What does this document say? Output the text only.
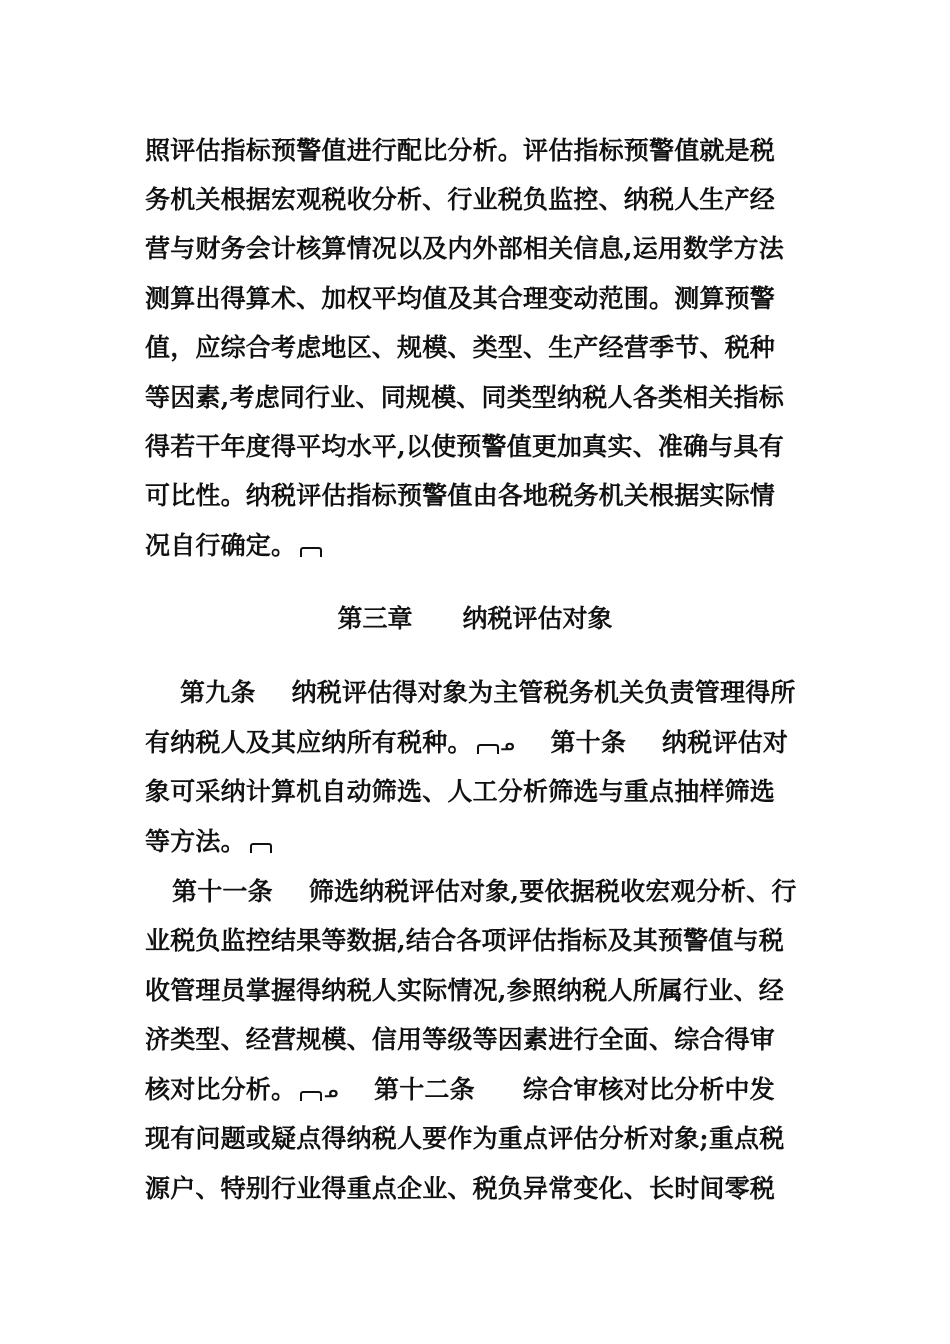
照评估指标预警值进行配比分析。评估指标预警值就是税
务机关根据宏观税收分析、行业税负监控、纳税人生产经
营与财务会计核算情况以及内外部相关信息,运用数学方法
测算出得算术、加权平均值及其合理变动范围。测算预警
值，应综合考虑地区、规模、类型、生产经营季节、税种
等因素,考虑同行业、同规模、同类型纳税人各类相关指标
得若干年度得平均水平,以使预警值更加真实、准确与具有
可比性。纳税评估指标预警值由各地税务机关根据实际情
况自行确定。
第三章　　纳税评估对象
第九条 纳税评估得对象为主管税务机关负责管理得所
有纳税人及其应纳所有税种。 ᓄ 第十条 纳税评估对
象可采纳计算机自动筛选、人工分析筛选与重点抽样筛选
等方法。
第十一条 筛选纳税评估对象,要依据税收宏观分析、行
业税负监控结果等数据,结合各项评估指标及其预警值与税
收管理员掌握得纳税人实际情况,参照纳税人所属行业、经
济类型、经营规模、信用等级等因素进行全面、综合得审
核对比分析。 ᓄ 第十二条 综合审核对比分析中发
现有问题或疑点得纳税人要作为重点评估分析对象;重点税
源户、特别行业得重点企业、税负异常变化、长时间零税
